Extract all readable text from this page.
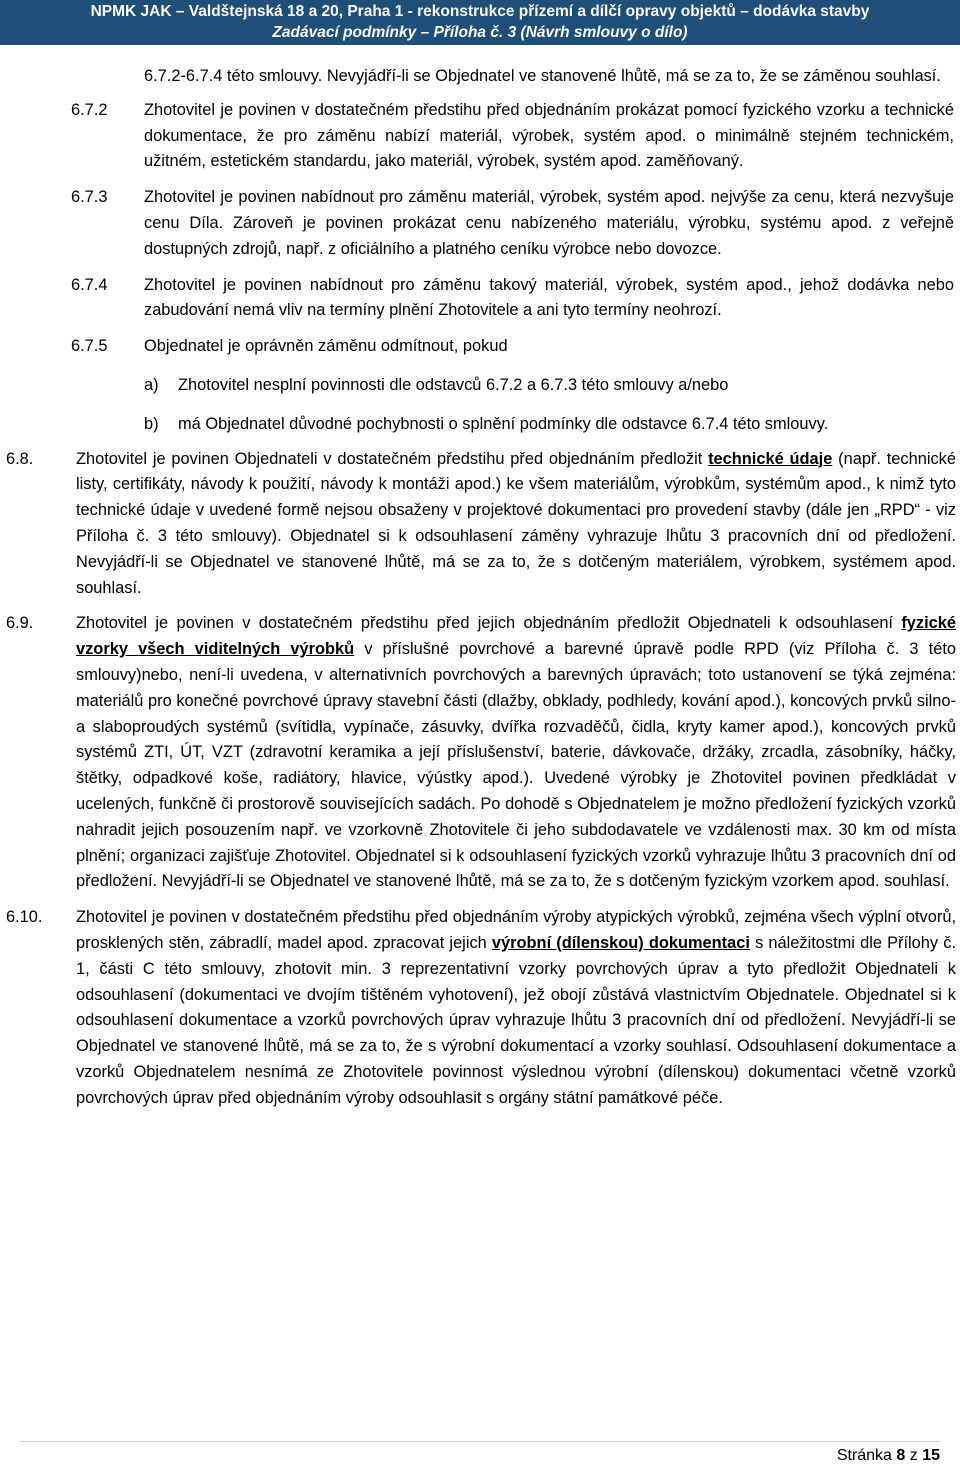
NPMK JAK – Valdštejnská 18 a 20, Praha 1 - rekonstrukce přízemí a dílčí opravy objektů – dodávka stavby
Zadávací podmínky – Příloha č. 3 (Návrh smlouvy o dílo)
6.7.2-6.7.4 této smlouvy. Nevyjádří-li se Objednatel ve stanovené lhůtě, má se za to, že se záměnou souhlasí.
6.7.2 Zhotovitel je povinen v dostatečném předstihu před objednáním prokázat pomocí fyzického vzorku a technické dokumentace, že pro záměnu nabízí materiál, výrobek, systém apod. o minimálně stejném technickém, užitném, estetickém standardu, jako materiál, výrobek, systém apod. zaměňovaný.
6.7.3 Zhotovitel je povinen nabídnout pro záměnu materiál, výrobek, systém apod. nejvýše za cenu, která nezvyšuje cenu Díla. Zároveň je povinen prokázat cenu nabízeného materiálu, výrobku, systému apod. z veřejně dostupných zdrojů, např. z oficiálního a platného ceníku výrobce nebo dovozce.
6.7.4 Zhotovitel je povinen nabídnout pro záměnu takový materiál, výrobek, systém apod., jehož dodávka nebo zabudování nemá vliv na termíny plnění Zhotovitele a ani tyto termíny neohrozí.
6.7.5 Objednatel je oprávněn záměnu odmítnout, pokud
a) Zhotovitel nesplní povinnosti dle odstavců 6.7.2 a 6.7.3 této smlouvy a/nebo
b) má Objednatel důvodné pochybnosti o splnění podmínky dle odstavce 6.7.4 této smlouvy.
6.8.	Zhotovitel je povinen Objednateli v dostatečném předstihu před objednáním předložit technické údaje (např. technické listy, certifikáty, návody k použití, návody k montáži apod.) ke všem materiálům, výrobkům, systémům apod., k nimž tyto technické údaje v uvedené formě nejsou obsaženy v projektové dokumentaci pro provedení stavby (dále jen „RPD“ - viz Příloha č. 3 této smlouvy). Objednatel si k odsouhlasení záměny vyhrazuje lhůtu 3 pracovních dní od předložení. Nevyjádří-li se Objednatel ve stanovené lhůtě, má se za to, že s dotčeným materiálem, výrobkem, systémem apod. souhlasí.
6.9.	Zhotovitel je povinen v dostatečném předstihu před jejich objednáním předložit Objednateli k odsouhlasení fyzické vzorky všech viditelných výrobků v příslušné povrchové a barevné úpravě podle RPD (viz Příloha č. 3 této smlouvy)nebo, není-li uvedena, v alternativních povrchových a barevných úpravách; toto ustanovení se týká zejména: materiálů pro konečné povrchové úpravy stavební části (dlažby, obklady, podhledy, kování apod.), koncových prvků silno- a slaboproudých systémů (svítidla, vypínače, zásuvky, dvířka rozvaděčů, čidla, kryty kamer apod.), koncových prvků systémů ZTI, ÚT, VZT (zdravotní keramika a její příslušenství, baterie, dávkovače, držáky, zrcadla, zásobníky, háčky, štětky, odpadkové koše, radiátory, hlavice, výústky apod.). Uvedené výrobky je Zhotovitel povinen předkládat v ucelených, funkčně či prostorově souvisejících sadách. Po dohodě s Objednatelem je možno předložení fyzických vzorků nahradit jejich posouzením např. ve vzorkovně Zhotovitele či jeho subdodavatele ve vzdálenosti max. 30 km od místa plnění; organizaci zajišťuje Zhotovitel. Objednatel si k odsouhlasení fyzických vzorků vyhrazuje lhůtu 3 pracovních dní od předložení. Nevyjádří-li se Objednatel ve stanovené lhůtě, má se za to, že s dotčeným fyzickým vzorkem apod. souhlasí.
6.10. Zhotovitel je povinen v dostatečném předstihu před objednáním výroby atypických výrobků, zejména všech výplní otvorů, prosklených stěn, zábradlí, madel apod. zpracovat jejich výrobní (dílenskou) dokumentaci s náležitostmi dle Přílohy č. 1, části C této smlouvy, zhotovit min. 3 reprezentativní vzorky povrchových úprav a tyto předložit Objednateli k odsouhlasení (dokumentaci ve dvojím tištěném vyhotovení), jež obojí zůstává vlastnictvím Objednatele. Objednatel si k odsouhlasení dokumentace a vzorků povrchových úprav vyhrazuje lhůtu 3 pracovních dní od předložení. Nevyjádří-li se Objednatel ve stanovené lhůtě, má se za to, že s výrobní dokumentací a vzorky souhlasí. Odsouhlasení dokumentace a vzorků Objednatelem nesnímá ze Zhotovitele povinnost výslednou výrobní (dílenskou) dokumentaci včetně vzorků povrchových úprav před objednáním výroby odsouhlasit s orgány státní památkové péče.
Stránka 8 z 15
